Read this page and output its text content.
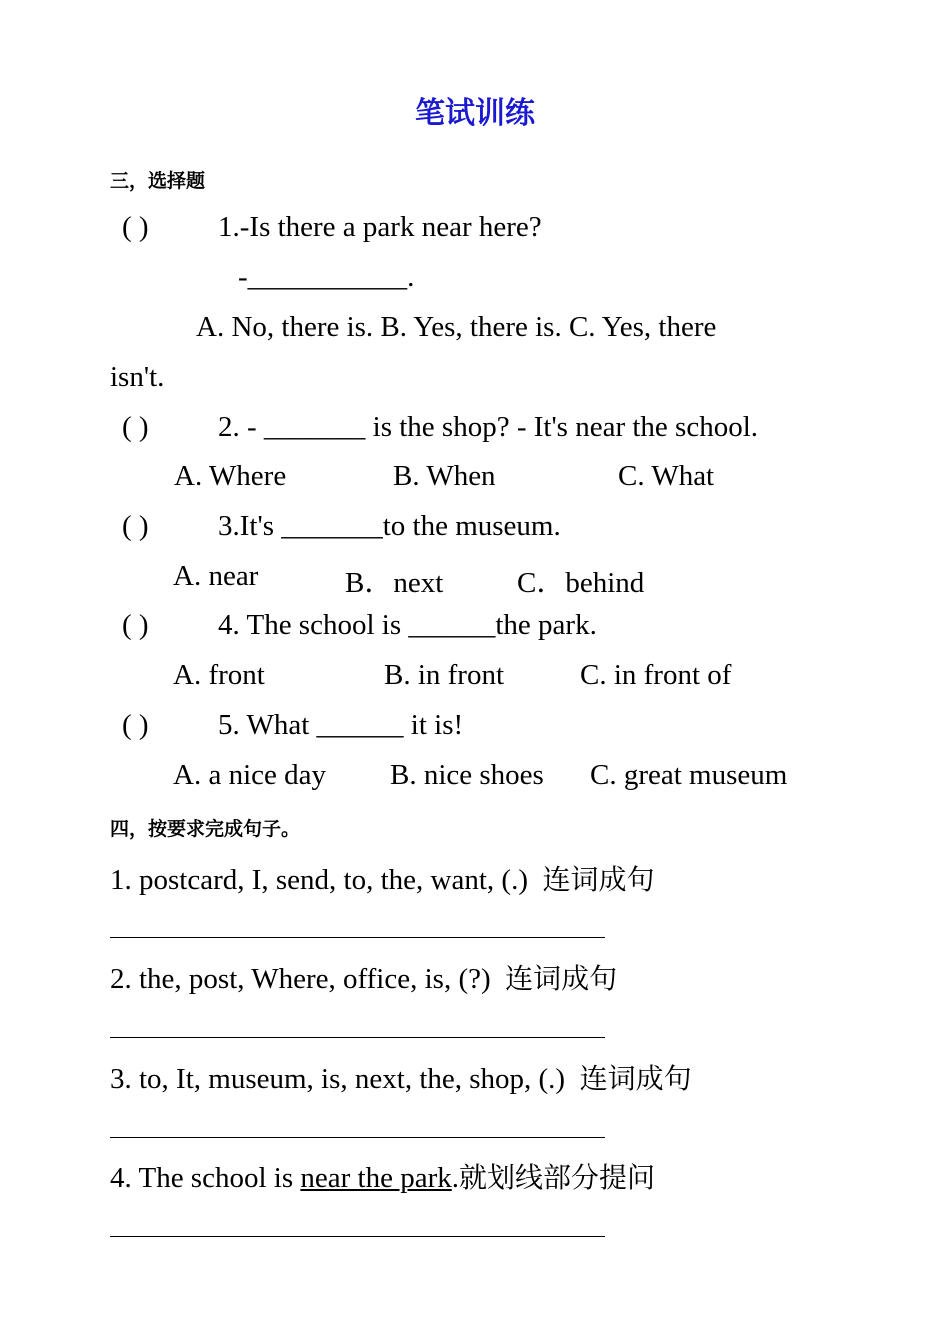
笔试训练
三，选择题
( ) 1.-Is there a park near here?
-___________.
A. No, there is. B. Yes, there is. C. Yes, there
isn't.
( ) 2. - _______ is the shop? - It's near the school.
A. Where	B. When	C. What
( ) 3.It's _______to the museum.
A. near	B．next	C．behind
( ) 4. The school is ______the park.
A. front	B. in front	C. in front of
( ) 5. What ______ it is!
A. a nice day B. nice shoes C. great museum
四，按要求完成句子。
1. postcard, I, send, to, the, want, (.) 连词成句
2. the, post, Where, office, is, (?) 连词成句
3. to, It, museum, is, next, the, shop, (.) 连词成句
4. The school is near the park.就划线部分提问
